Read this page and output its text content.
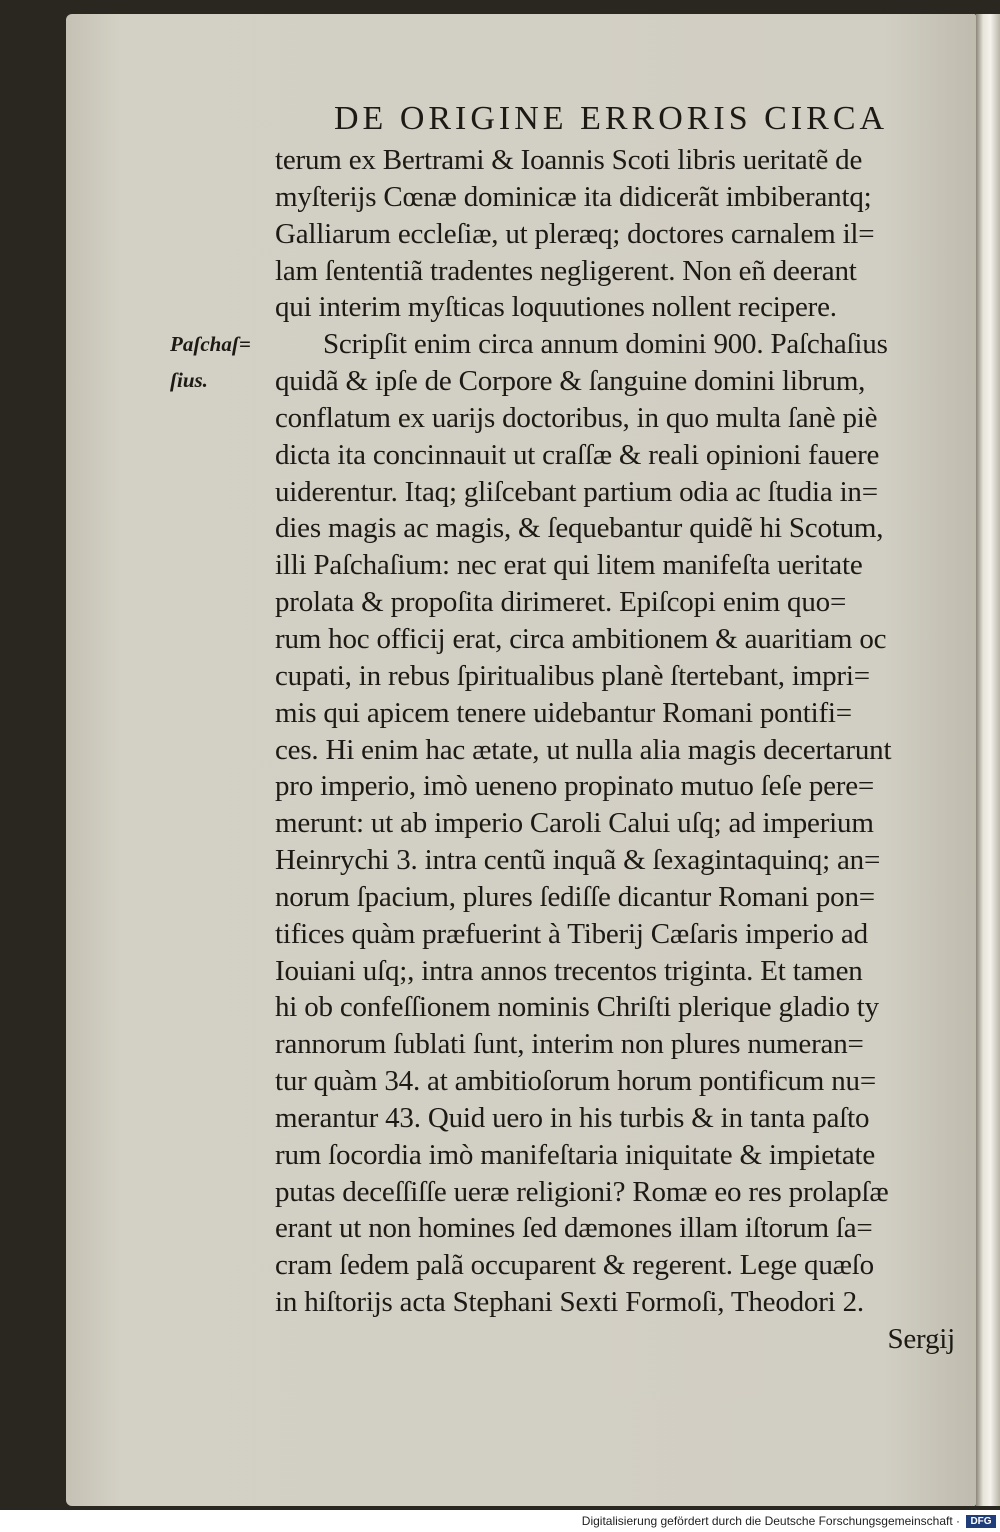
DE ORIGINE ERRORIS CIRCA
Paſchaſ=
ſius.
terum ex Bertrami & Ioannis Scoti libris ueritatẽ de
myſterijs Cœnæ dominicæ ita didicerãt imbiberantq;
Galliarum eccleſiæ, ut pleræq; doctores carnalem il=
lam ſententiã tradentes negligerent. Non eñ deerant
qui interim myſticas loquutiones nollent recipere.
Scripſit enim circa annum domini 900. Paſchaſius
quidã & ipſe de Corpore & ſanguine domini librum,
conflatum ex uarijs doctoribus, in quo multa ſanè piè
dicta ita concinnauit ut craſſæ & reali opinioni fauere
uiderentur. Itaq; gliſcebant partium odia ac ſtudia in=
dies magis ac magis, & ſequebantur quidẽ hi Scotum,
illi Paſchaſium: nec erat qui litem manifeſta ueritate
prolata & propoſita dirimeret. Epiſcopi enim quo=
rum hoc officij erat, circa ambitionem & auaritiam oc
cupati, in rebus ſpiritualibus planè ſtertebant, impri=
mis qui apicem tenere uidebantur Romani pontifi=
ces. Hi enim hac ætate, ut nulla alia magis decertarunt
pro imperio, imò ueneno propinato mutuo ſeſe pere=
merunt: ut ab imperio Caroli Calui uſq; ad imperium
Heinrychi 3. intra centũ inquã & ſexagintaquinq; an=
norum ſpacium, plures ſediſſe dicantur Romani pon=
tifices quàm præfuerint à Tiberij Cæſaris imperio ad
Iouiani uſq;, intra annos trecentos triginta. Et tamen
hi ob confeſſionem nominis Chriſti plerique gladio ty
rannorum ſublati ſunt, interim non plures numeran=
tur quàm 34. at ambitioſorum horum pontificum nu=
merantur 43. Quid uero in his turbis & in tanta paſto
rum ſocordia imò manifeſtaria iniquitate & impietate
putas deceſſiſſe ueræ religioni? Romæ eo res prolapſæ
erant ut non homines ſed dæmones illam iſtorum ſa=
cram ſedem palã occuparent & regerent. Lege quæſo
in hiſtorijs acta Stephani Sexti Formoſi, Theodori 2.
Sergij
Digitalisierung gefördert durch die Deutsche Forschungsgemeinschaft ·	DFG
